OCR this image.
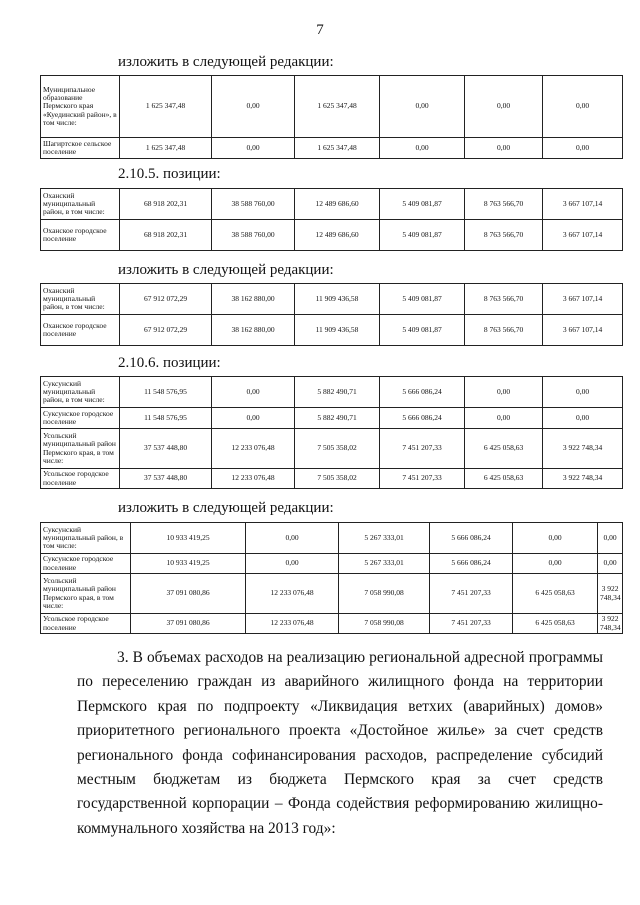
7
изложить в следующей редакции:
Муниципальное образование Пермского края «Куединский район», в том числе:	1 625 347,48	0,00	1 625 347,48	0,00	0,00	0,00
Шагиртское сельское поселение	1 625 347,48	0,00	1 625 347,48	0,00	0,00	0,00
2.10.5. позиции:
Оханский муниципальный район, в том числе:	68 918 202,31	38 588 760,00	12 489 686,60	5 409 081,87	8 763 566,70	3 667 107,14
Оханское городское поселение	68 918 202,31	38 588 760,00	12 489 686,60	5 409 081,87	8 763 566,70	3 667 107,14
изложить в следующей редакции:
Оханский муниципальный район, в том числе:	67 912 072,29	38 162 880,00	11 909 436,58	5 409 081,87	8 763 566,70	3 667 107,14
Оханское городское поселение	67 912 072,29	38 162 880,00	11 909 436,58	5 409 081,87	8 763 566,70	3 667 107,14
2.10.6. позиции:
Суксунский муниципальный район, в том числе:	11 548 576,95	0,00	5 882 490,71	5 666 086,24	0,00	0,00
Суксунское городское поселение	11 548 576,95	0,00	5 882 490,71	5 666 086,24	0,00	0,00
Усольский муниципальный район Пермского края, в том числе:	37 537 448,80	12 233 076,48	7 505 358,02	7 451 207,33	6 425 058,63	3 922 748,34
Усольское городское поселение	37 537 448,80	12 233 076,48	7 505 358,02	7 451 207,33	6 425 058,63	3 922 748,34
изложить в следующей редакции:
Суксунский муниципальный район, в том числе:	10 933 419,25	0,00	5 267 333,01	5 666 086,24	0,00	0,00
Суксунское городское поселение	10 933 419,25	0,00	5 267 333,01	5 666 086,24	0,00	0,00
Усольский муниципальный район Пермского края, в том числе:	37 091 080,86	12 233 076,48	7 058 990,08	7 451 207,33	6 425 058,63	3 922 748,34
Усольское городское поселение	37 091 080,86	12 233 076,48	7 058 990,08	7 451 207,33	6 425 058,63	3 922 748,34
3. В объемах расходов на реализацию региональной адресной программы по переселению граждан из аварийного жилищного фонда на территории Пермского края по подпроекту «Ликвидация ветхих (аварийных) домов» приоритетного регионального проекта «Достойное жилье» за счет средств регионального фонда софинансирования расходов, распределение субсидий местным бюджетам из бюджета Пермского края за счет средств государственной корпорации – Фонда содействия реформированию жилищно-коммунального хозяйства на 2013 год»:
